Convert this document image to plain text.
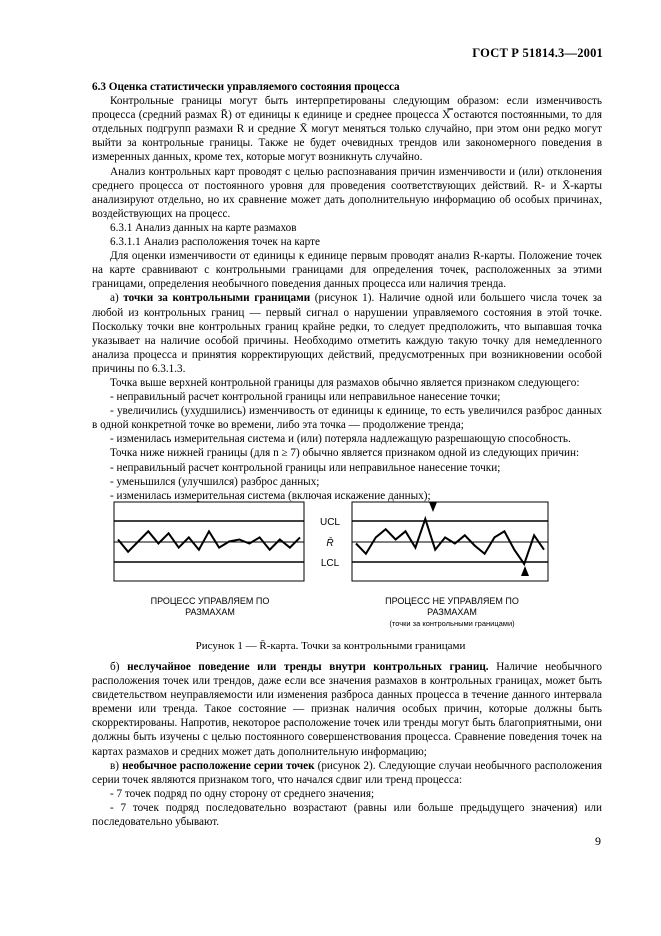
ГОСТ Р 51814.3—2001

6.3 Оценка статистически управляемого состояния процесса

Контрольные границы могут быть интерпретированы следующим образом: если изменчивость процесса (средний размах R̄) от единицы к единице и среднее процесса X̿ остаются постоянными, то для отдельных подгрупп размахи R и средние X̄ могут меняться только случайно, при этом они редко могут выйти за контрольные границы. Также не будет очевидных трендов или закономерного поведения в измеренных данных, кроме тех, которые могут возникнуть случайно.

Анализ контрольных карт проводят с целью распознавания причин изменчивости и (или) отклонения среднего процесса от постоянного уровня для проведения соответствующих действий. R- и X̄-карты анализируют отдельно, но их сравнение может дать дополнительную информацию об особых причинах, воздействующих на процесс.

6.3.1 Анализ данных на карте размахов

6.3.1.1 Анализ расположения точек на карте

Для оценки изменчивости от единицы к единице первым проводят анализ R-карты. Положение точек на карте сравнивают с контрольными границами для определения точек, расположенных за этими границами, определения необычного поведения данных процесса или наличия тренда.

а) точки за контрольными границами (рисунок 1). Наличие одной или большего числа точек за любой из контрольных границ — первый сигнал о нарушении управляемого состояния в этой точке. Поскольку точки вне контрольных границ крайне редки, то следует предположить, что выпавшая точка указывает на наличие особой причины. Необходимо отметить каждую такую точку для немедленного анализа процесса и принятия корректирующих действий, предусмотренных при возникновении особой причины по 6.3.1.3.

Точка выше верхней контрольной границы для размахов обычно является признаком следующего:

- неправильный расчет контрольной границы или неправильное нанесение точки;

- увеличились (ухудшились) изменчивость от единицы к единице, то есть увеличился разброс данных в одной конкретной точке во времени, либо эта точка — продолжение тренда;

- изменилась измерительная система и (или) потеряла надлежащую разрешающую способность.

Точка ниже нижней границы (для n ≥ 7) обычно является признаком одной из следующих причин:

- неправильный расчет контрольной границы или неправильное нанесение точки;

- уменьшился (улучшился) разброс данных;

- изменилась измерительная система (включая искажение данных);

UCL
R̄
LCL
ПРОЦЕСС УПРАВЛЯЕМ ПО РАЗМАХАМ
ПРОЦЕСС НЕ УПРАВЛЯЕМ ПО РАЗМАХАМ
(точки за контрольными границами)
Рисунок 1 — R̄-карта. Точки за контрольными границами

б) неслучайное поведение или тренды внутри контрольных границ. Наличие необычного расположения точек или трендов, даже если все значения размахов в контрольных границах, может быть свидетельством неуправляемости или изменения разброса данных процесса в течение данного интервала времени или тренда. Такое состояние — признак наличия особых причин, которые должны быть скорректированы. Напротив, некоторое расположение точек или тренды могут быть благоприятными, они должны быть изучены с целью постоянного совершенствования процесса. Сравнение поведения точек на картах размахов и средних может дать дополнительную информацию;

в) необычное расположение серии точек (рисунок 2). Следующие случаи необычного расположения серии точек являются признаком того, что начался сдвиг или тренд процесса:

- 7 точек подряд по одну сторону от среднего значения;

- 7 точек подряд последовательно возрастают (равны или больше предыдущего значения) или последовательно убывают.

9
